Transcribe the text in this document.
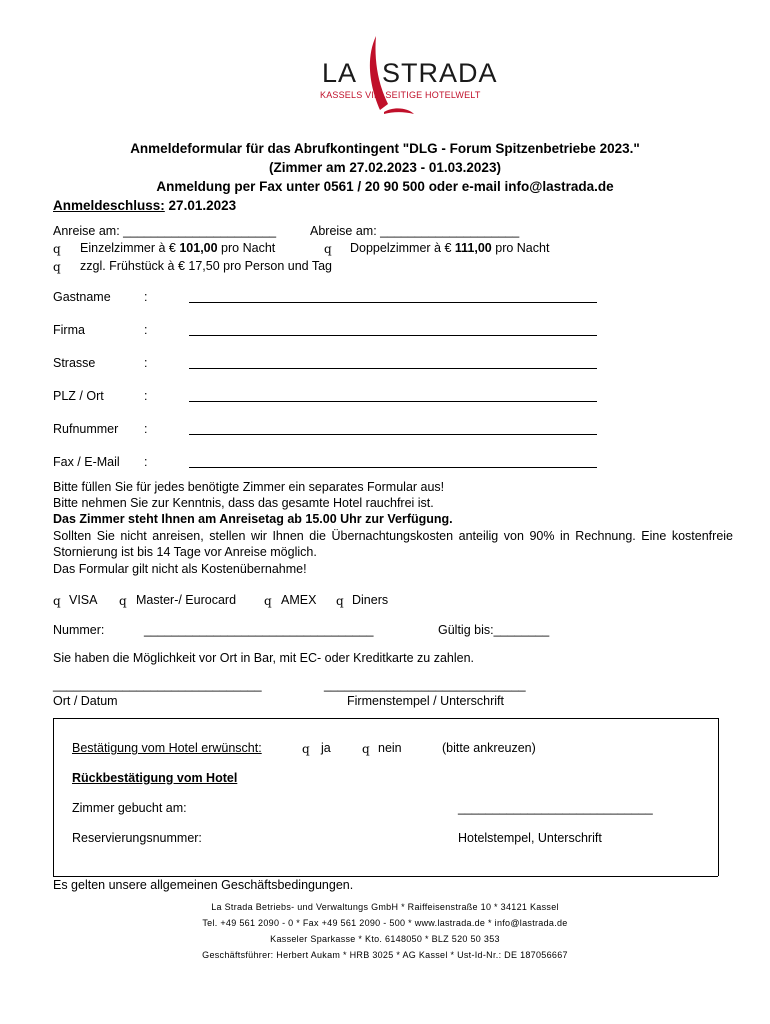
LA STRADA
KASSELS VIELSEITIGE HOTELWELT
Anmeldeformular für das Abrufkontingent "DLG - Forum Spitzenbetriebe 2023."
(Zimmer am 27.02.2023 - 01.03.2023)
Anmeldung per Fax unter 0561 / 20 90 500 oder e-mail info@lastrada.de
Anmeldeschluss: 27.01.2023
Anreise am: ______________________	Abreise am: ____________________
q Einzelzimmer à € 101,00 pro Nacht	q Doppelzimmer à € 111,00 pro Nacht
q zzgl. Frühstück à € 17,50 pro Person und Tag
Gastname	:
Firma	:
Strasse	:
PLZ / Ort	:
Rufnummer :
Fax / E-Mail :
Bitte füllen Sie für jedes benötigte Zimmer ein separates Formular aus!
Bitte nehmen Sie zur Kenntnis, dass das gesamte Hotel rauchfrei ist.
Das Zimmer steht Ihnen am Anreisetag ab 15.00 Uhr zur Verfügung.
Sollten Sie nicht anreisen, stellen wir Ihnen die Übernachtungskosten anteilig von 90% in Rechnung. Eine kostenfreie Stornierung ist bis 14 Tage vor Anreise möglich.
Das Formular gilt nicht als Kostenübernahme!
q VISA q Master-/ Eurocard q AMEX q Diners
Nummer:	_________________________________	Gültig bis:________
Sie haben die Möglichkeit vor Ort in Bar, mit EC- oder Kreditkarte zu zahlen.
______________________________
Ort / Datum
_____________________________
Firmenstempel / Unterschrift
Bestätigung vom Hotel erwünscht:	q ja	q nein	(bitte ankreuzen)
Rückbestätigung vom Hotel
Zimmer gebucht am:	____________________________
Reservierungsnummer:	Hotelstempel, Unterschrift
Es gelten unsere allgemeinen Geschäftsbedingungen.
La Strada Betriebs- und Verwaltungs GmbH * Raiffeisenstraße 10 * 34121 Kassel
Tel. +49 561 2090 - 0 * Fax +49 561 2090 - 500 * www.lastrada.de * info@lastrada.de
Kasseler Sparkasse * Kto. 6148050 * BLZ 520 50 353
Geschäftsführer: Herbert Aukam * HRB 3025 * AG Kassel * Ust-Id-Nr.: DE 187056667
